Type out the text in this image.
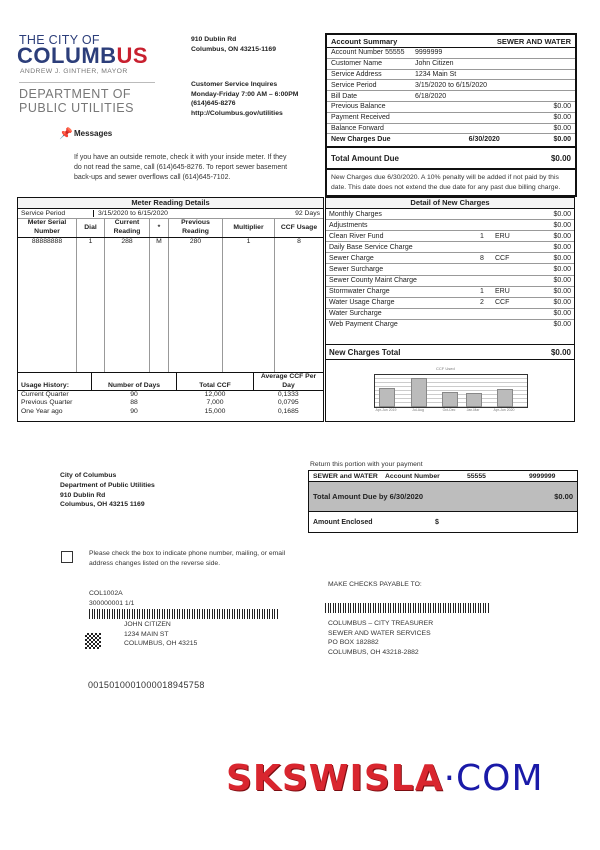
THE CITY OF
COLUMBUS
ANDREW J. GINTHER, MAYOR
DEPARTMENT OF
PUBLIC UTILITIES
910 Dublin Rd
Columbus, ON 43215-1169
Customer Service Inquires
Monday-Friday 7:00 AM – 6:00PM
(614)645-8276
http://Columbus.gov/utilities
📌 Messages
If you have an outside remote, check it with your inside meter. If they do not read the same, call (614)645-8276. To report sewer basement back-ups and sewer overflows call (614)645-7102.
Account Summary	SEWER AND WATER
Account Number 55555	9999999
Customer Name	John Citizen
Service Address	1234 Main St
Service Period	3/15/2020 to 6/15/2020
Bill Date	6/18/2020
Previous Balance	$0.00
Payment Received	$0.00
Balance Forward	$0.00
New Charges Due	6/30/2020	$0.00
Total Amount Due	$0.00
New Charges due 6/30/2020. A 10% penalty will be added if not paid by this date. This date does not extend the due date for any past due billing charge.
Meter Reading Details
Service Period	3/15/2020 to 6/15/2020	92 Days
Meter Serial Number	Dial	Current Reading	*	Previous Reading	Multiplier	CCF Usage
88888888	1	288	M	280	1	8
Usage History:	Number of Days	Total CCF	Average CCF Per Day
Current Quarter	90	12,000	0,1333
Previous Quarter	88	7,000	0,0795
One Year ago	90	15,000	0,1685
Detail of New Charges
Monthly Charges	$0.00
Adjustments	$0.00
Clean River Fund	1	ERU	$0.00
Daily Base Service Charge	$0.00
Sewer Charge	8	CCF	$0.00
Sewer Surcharge	$0.00
Sewer County Maint Charge	$0.00
Stormwater Charge	1	ERU	$0.00
Water Usage Charge	2	CCF	$0.00
Water Surcharge	$0.00
Web Payment Charge	$0.00
New Charges Total	$0.00
CCF Used
Apr-Jun 2019	Jul-Aug	Oct-Dec	Jan-Mar	Apr-Jun 2020
City of Columbus
Department of Public Utilities
910 Dublin Rd
Columbus, OH 43215 1169
Return this portion with your payment
SEWER and WATER	Account Number	55555	9999999
Total Amount Due by 6/30/2020	$0.00
Amount Enclosed	$
Please check the box to indicate phone number, mailing, or email address changes listed on the reverse side.
COL1002A
300000001 1/1
JOHN CITIZEN
1234 MAIN ST
COLUMBUS, OH 43215
0015010001000018945758
MAKE CHECKS PAYABLE TO:
COLUMBUS – CITY TREASURER
SEWER AND WATER SERVICES
PO BOX 182882
COLUMBUS, OH 43218-2882
SKSWISLA·COM
